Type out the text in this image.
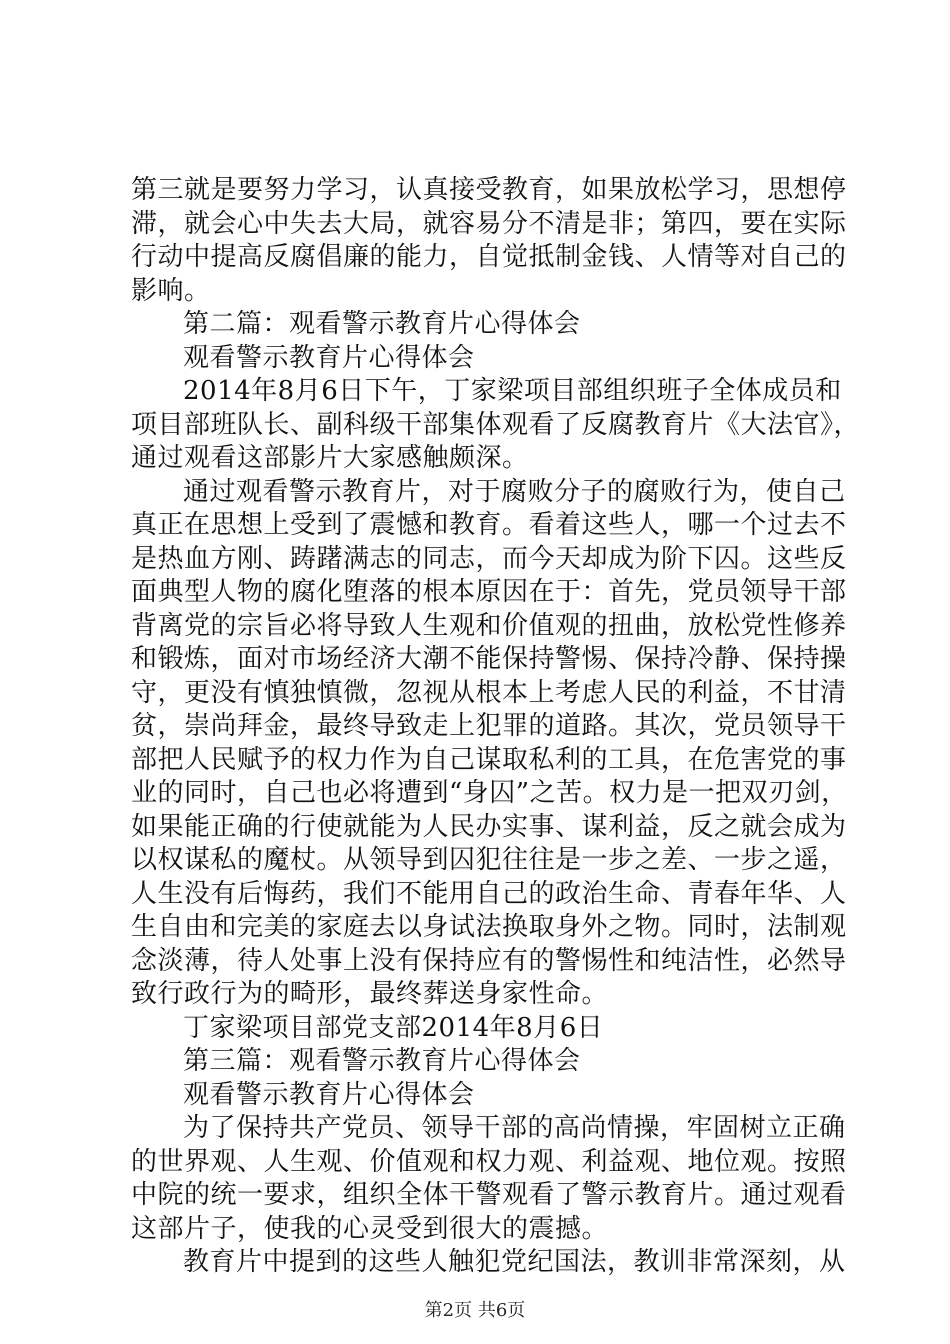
第三就是要努力学习，认真接受教育，如果放松学习，思想停
滞，就会心中失去大局，就容易分不清是非；第四，要在实际
行动中提高反腐倡廉的能力，自觉抵制金钱、人情等对自己的
影响。
第二篇：观看警示教育片心得体会
观看警示教育片心得体会
2014年8月6日下午，丁家梁项目部组织班子全体成员和
项目部班队长、副科级干部集体观看了反腐教育片《大法官》，
通过观看这部影片大家感触颇深。
通过观看警示教育片，对于腐败分子的腐败行为，使自己
真正在思想上受到了震憾和教育。看着这些人，哪一个过去不
是热血方刚、踌躇满志的同志，而今天却成为阶下囚。这些反
面典型人物的腐化堕落的根本原因在于：首先，党员领导干部
背离党的宗旨必将导致人生观和价值观的扭曲，放松党性修养
和锻炼，面对市场经济大潮不能保持警惕、保持冷静、保持操
守，更没有慎独慎微，忽视从根本上考虑人民的利益，不甘清
贫，崇尚拜金，最终导致走上犯罪的道路。其次，党员领导干
部把人民赋予的权力作为自己谋取私利的工具，在危害党的事
业的同时，自己也必将遭到“身囚”之苦。权力是一把双刃剑，
如果能正确的行使就能为人民办实事、谋利益，反之就会成为
以权谋私的魔杖。从领导到囚犯往往是一步之差、一步之遥，
人生没有后悔药，我们不能用自己的政治生命、青春年华、人
生自由和完美的家庭去以身试法换取身外之物。同时，法制观
念淡薄，待人处事上没有保持应有的警惕性和纯洁性，必然导
致行政行为的畸形，最终葬送身家性命。
丁家梁项目部党支部2014年8月6日
第三篇：观看警示教育片心得体会
观看警示教育片心得体会
为了保持共产党员、领导干部的高尚情操，牢固树立正确
的世界观、人生观、价值观和权力观、利益观、地位观。按照
中院的统一要求，组织全体干警观看了警示教育片。通过观看
这部片子，使我的心灵受到很大的震撼。
教育片中提到的这些人触犯党纪国法，教训非常深刻，从
第2页 共6页
